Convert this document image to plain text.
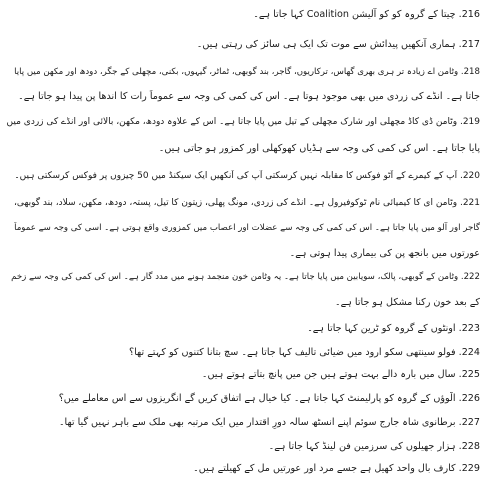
216. چیتا کے گروہ کو کو آلیشن Coalition کہا جاتا ہے۔
217. ہماری آنکھیں پیدائش سے موت تک ایک ہی سائز کی رہتی ہیں۔
218. وٹامن اے زیادہ تر ہری بھری گھاس، ترکاریوں، گاجر، بند گوبھی، ٹماٹر، گیہوں، بکنی، مچھلی کے جگر، دودھ اور مکھن میں پایا
جاتا ہے۔ انڈے کی زردی میں بھی موجود ہوتا ہے۔ اس کی کمی کی وجہ سے عموماً رات کا اندھا پن پیدا ہو جاتا ہے۔
219. وٹامن ڈی کاڈ مچھلی اور شارک مچھلی کے تیل میں پایا جاتا ہے۔ اس کے علاوہ دودھ، مکھن، بالائی اور انڈے کی زردی میں
پایا جاتا ہے۔ اس کی کمی کی وجہ سے ہڈیاں کھوکھلی اور کمزور ہو جاتی ہیں۔
220. آپ کے کیمرے کے آٹو فوکس کا مقابلہ نہیں کرسکتی آپ کی آنکھیں ایک سیکنڈ میں 50 چیزوں پر فوکس کرسکتی ہیں۔
221. وٹامن ای کا کیمیائی نام ٹوکوفیرول ہے۔ انڈے کی زردی، مونگ پھلی، زیتون کا تیل، پستہ، دودھ، مکھن، سلاد، بند گوبھی،
گاجر اور آلو میں پایا جاتا ہے۔ اس کی کمی کی وجہ سے عضلات اور اعصاب میں کمزوری واقع ہوتی ہے۔ اسی کی وجہ سے عموماً
عورتوں میں بانجھ پن کی بیماری پیدا ہوتی ہے۔
222. وٹامن کے گوبھی، پالک، سویابین میں پایا جاتا ہے۔ یہ وٹامن خون منجمد ہونے میں مدد گار ہے۔ اس کی کمی کی وجہ سے زخم
کے بعد خون رکنا مشکل ہو جاتا ہے۔
223. اونٹوں کے گروہ کو ٹرین کہا جاتا ہے۔
224. فولو سینتھی سکو ارود میں ضیائی تالیف کہا جاتا ہے۔ سچ بتانا کتنوں کو کہتے تھا؟
225. سال میں بارہ دالے بہت ہوتے ہیں جن میں پانچ بتاتے ہوتے ہیں۔
226. الّوؤں کے گروہ کو پارلیمنٹ کہا جاتا ہے۔ کیا خیال ہے اتفاق کریں گے انگریزوں سے اس معاملے میں؟
227. برطانوی شاہ جارج سوئم اپنے انسٹھ سالہ دورِ اقتدار میں ایک مرتبہ بھی ملک سے باہر نہیں گیا تھا۔
228. ہزار جھیلوں کی سرزمین فن لینڈ کہا جاتا ہے۔
229. کارف بال واحد کھیل ہے جسے مرد اور عورتیں مل کے کھیلتے ہیں۔
